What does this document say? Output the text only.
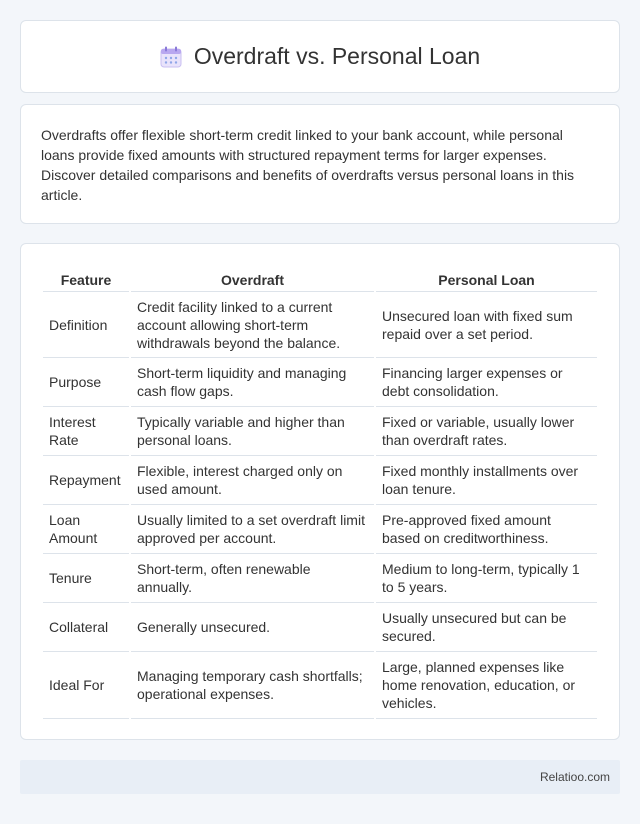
Overdraft vs. Personal Loan

Overdrafts offer flexible short-term credit linked to your bank account, while personal loans provide fixed amounts with structured repayment terms for larger expenses. Discover detailed comparisons and benefits of overdrafts versus personal loans in this article.

Feature	Overdraft	Personal Loan
Definition	Credit facility linked to a current account allowing short-term withdrawals beyond the balance.	Unsecured loan with fixed sum repaid over a set period.
Purpose	Short-term liquidity and managing cash flow gaps.	Financing larger expenses or debt consolidation.
Interest Rate	Typically variable and higher than personal loans.	Fixed or variable, usually lower than overdraft rates.
Repayment	Flexible, interest charged only on used amount.	Fixed monthly installments over loan tenure.
Loan Amount	Usually limited to a set overdraft limit approved per account.	Pre-approved fixed amount based on creditworthiness.
Tenure	Short-term, often renewable annually.	Medium to long-term, typically 1 to 5 years.
Collateral	Generally unsecured.	Usually unsecured but can be secured.
Ideal For	Managing temporary cash shortfalls; operational expenses.	Large, planned expenses like home renovation, education, or vehicles.
Relatioo.com
